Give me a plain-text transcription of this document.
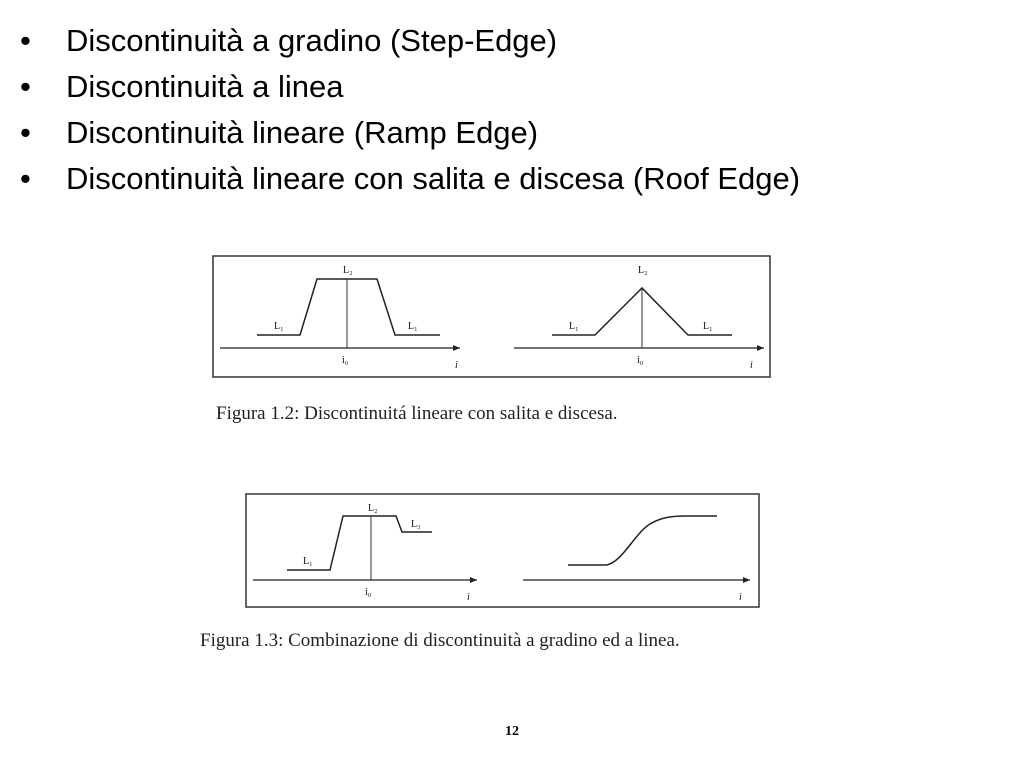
• Discontinuità a gradino (Step-Edge)
• Discontinuità a linea
• Discontinuità lineare (Ramp Edge)
• Discontinuità lineare con salita e discesa (Roof Edge)
L₁
L₂
L₁
i₀	i
L₁
L₂
L₁
i₀	i
Figura 1.2: Discontinuitá lineare con salita e discesa.
L₁
L₂
L₃
i₀	i	i
Figura 1.3: Combinazione di discontinuità a gradino ed a linea.
12
